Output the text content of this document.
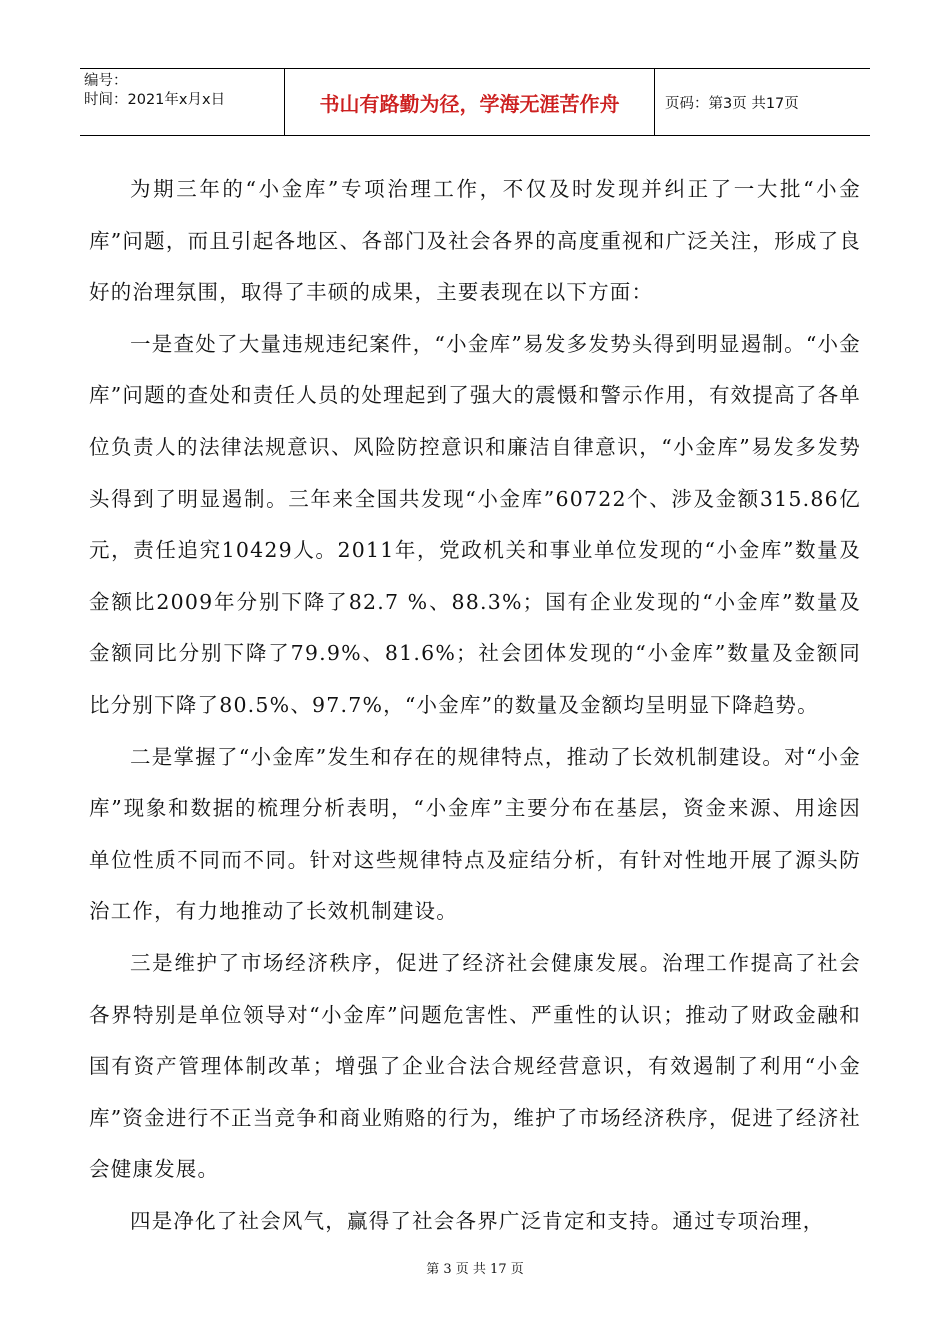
编号：
时间：2021年x月x日	书山有路勤为径，学海无涯苦作舟	页码：第3页 共17页

为期三年的“小金库”专项治理工作，不仅及时发现并纠正了一大批“小金库”问题，而且引起各地区、各部门及社会各界的高度重视和广泛关注，形成了良好的治理氛围，取得了丰硕的成果，主要表现在以下方面：

一是查处了大量违规违纪案件，“小金库”易发多发势头得到明显遏制。“小金库”问题的查处和责任人员的处理起到了强大的震慑和警示作用，有效提高了各单位负责人的法律法规意识、风险防控意识和廉洁自律意识，“小金库”易发多发势头得到了明显遏制。三年来全国共发现“小金库”60722个、涉及金额315.86亿元，责任追究10429人。2011年，党政机关和事业单位发现的“小金库”数量及金额比2009年分别下降了82.7 %、88.3%；国有企业发现的“小金库”数量及金额同比分别下降了79.9%、81.6%；社会团体发现的“小金库”数量及金额同比分别下降了80.5%、97.7%，“小金库”的数量及金额均呈明显下降趋势。

二是掌握了“小金库”发生和存在的规律特点，推动了长效机制建设。对“小金库”现象和数据的梳理分析表明，“小金库”主要分布在基层，资金来源、用途因单位性质不同而不同。针对这些规律特点及症结分析，有针对性地开展了源头防治工作，有力地推动了长效机制建设。

三是维护了市场经济秩序，促进了经济社会健康发展。治理工作提高了社会各界特别是单位领导对“小金库”问题危害性、严重性的认识；推动了财政金融和国有资产管理体制改革；增强了企业合法合规经营意识，有效遏制了利用“小金库”资金进行不正当竞争和商业贿赂的行为，维护了市场经济秩序，促进了经济社会健康发展。

四是净化了社会风气，赢得了社会各界广泛肯定和支持。通过专项治理，

第 3 页 共 17 页
